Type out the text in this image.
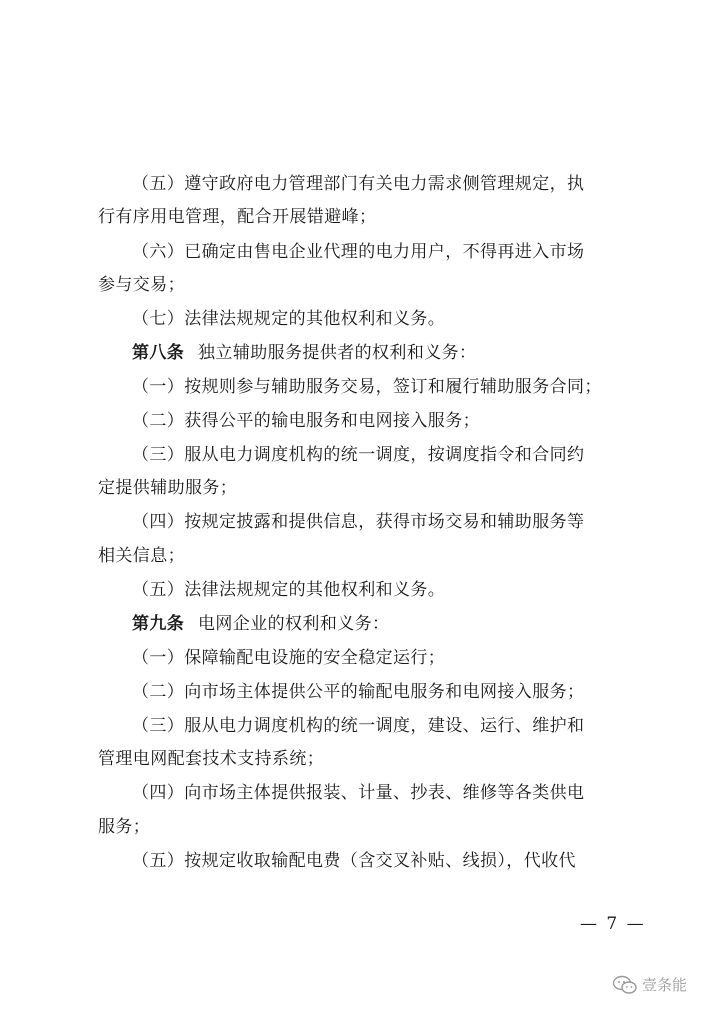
（五）遵守政府电力管理部门有关电力需求侧管理规定，执
行有序用电管理，配合开展错避峰；
（六）已确定由售电企业代理的电力用户，不得再进入市场
参与交易；
（七）法律法规规定的其他权利和义务。
第八条 独立辅助服务提供者的权利和义务：
（一）按规则参与辅助服务交易，签订和履行辅助服务合同；
（二）获得公平的输电服务和电网接入服务；
（三）服从电力调度机构的统一调度，按调度指令和合同约
定提供辅助服务；
（四）按规定披露和提供信息，获得市场交易和辅助服务等
相关信息；
（五）法律法规规定的其他权利和义务。
第九条 电网企业的权利和义务：
（一）保障输配电设施的安全稳定运行；
（二）向市场主体提供公平的输配电服务和电网接入服务；
（三）服从电力调度机构的统一调度，建设、运行、维护和
管理电网配套技术支持系统；
（四）向市场主体提供报装、计量、抄表、维修等各类供电
服务；
（五）按规定收取输配电费（含交叉补贴、线损），代收代
— 7 —
壹条能
